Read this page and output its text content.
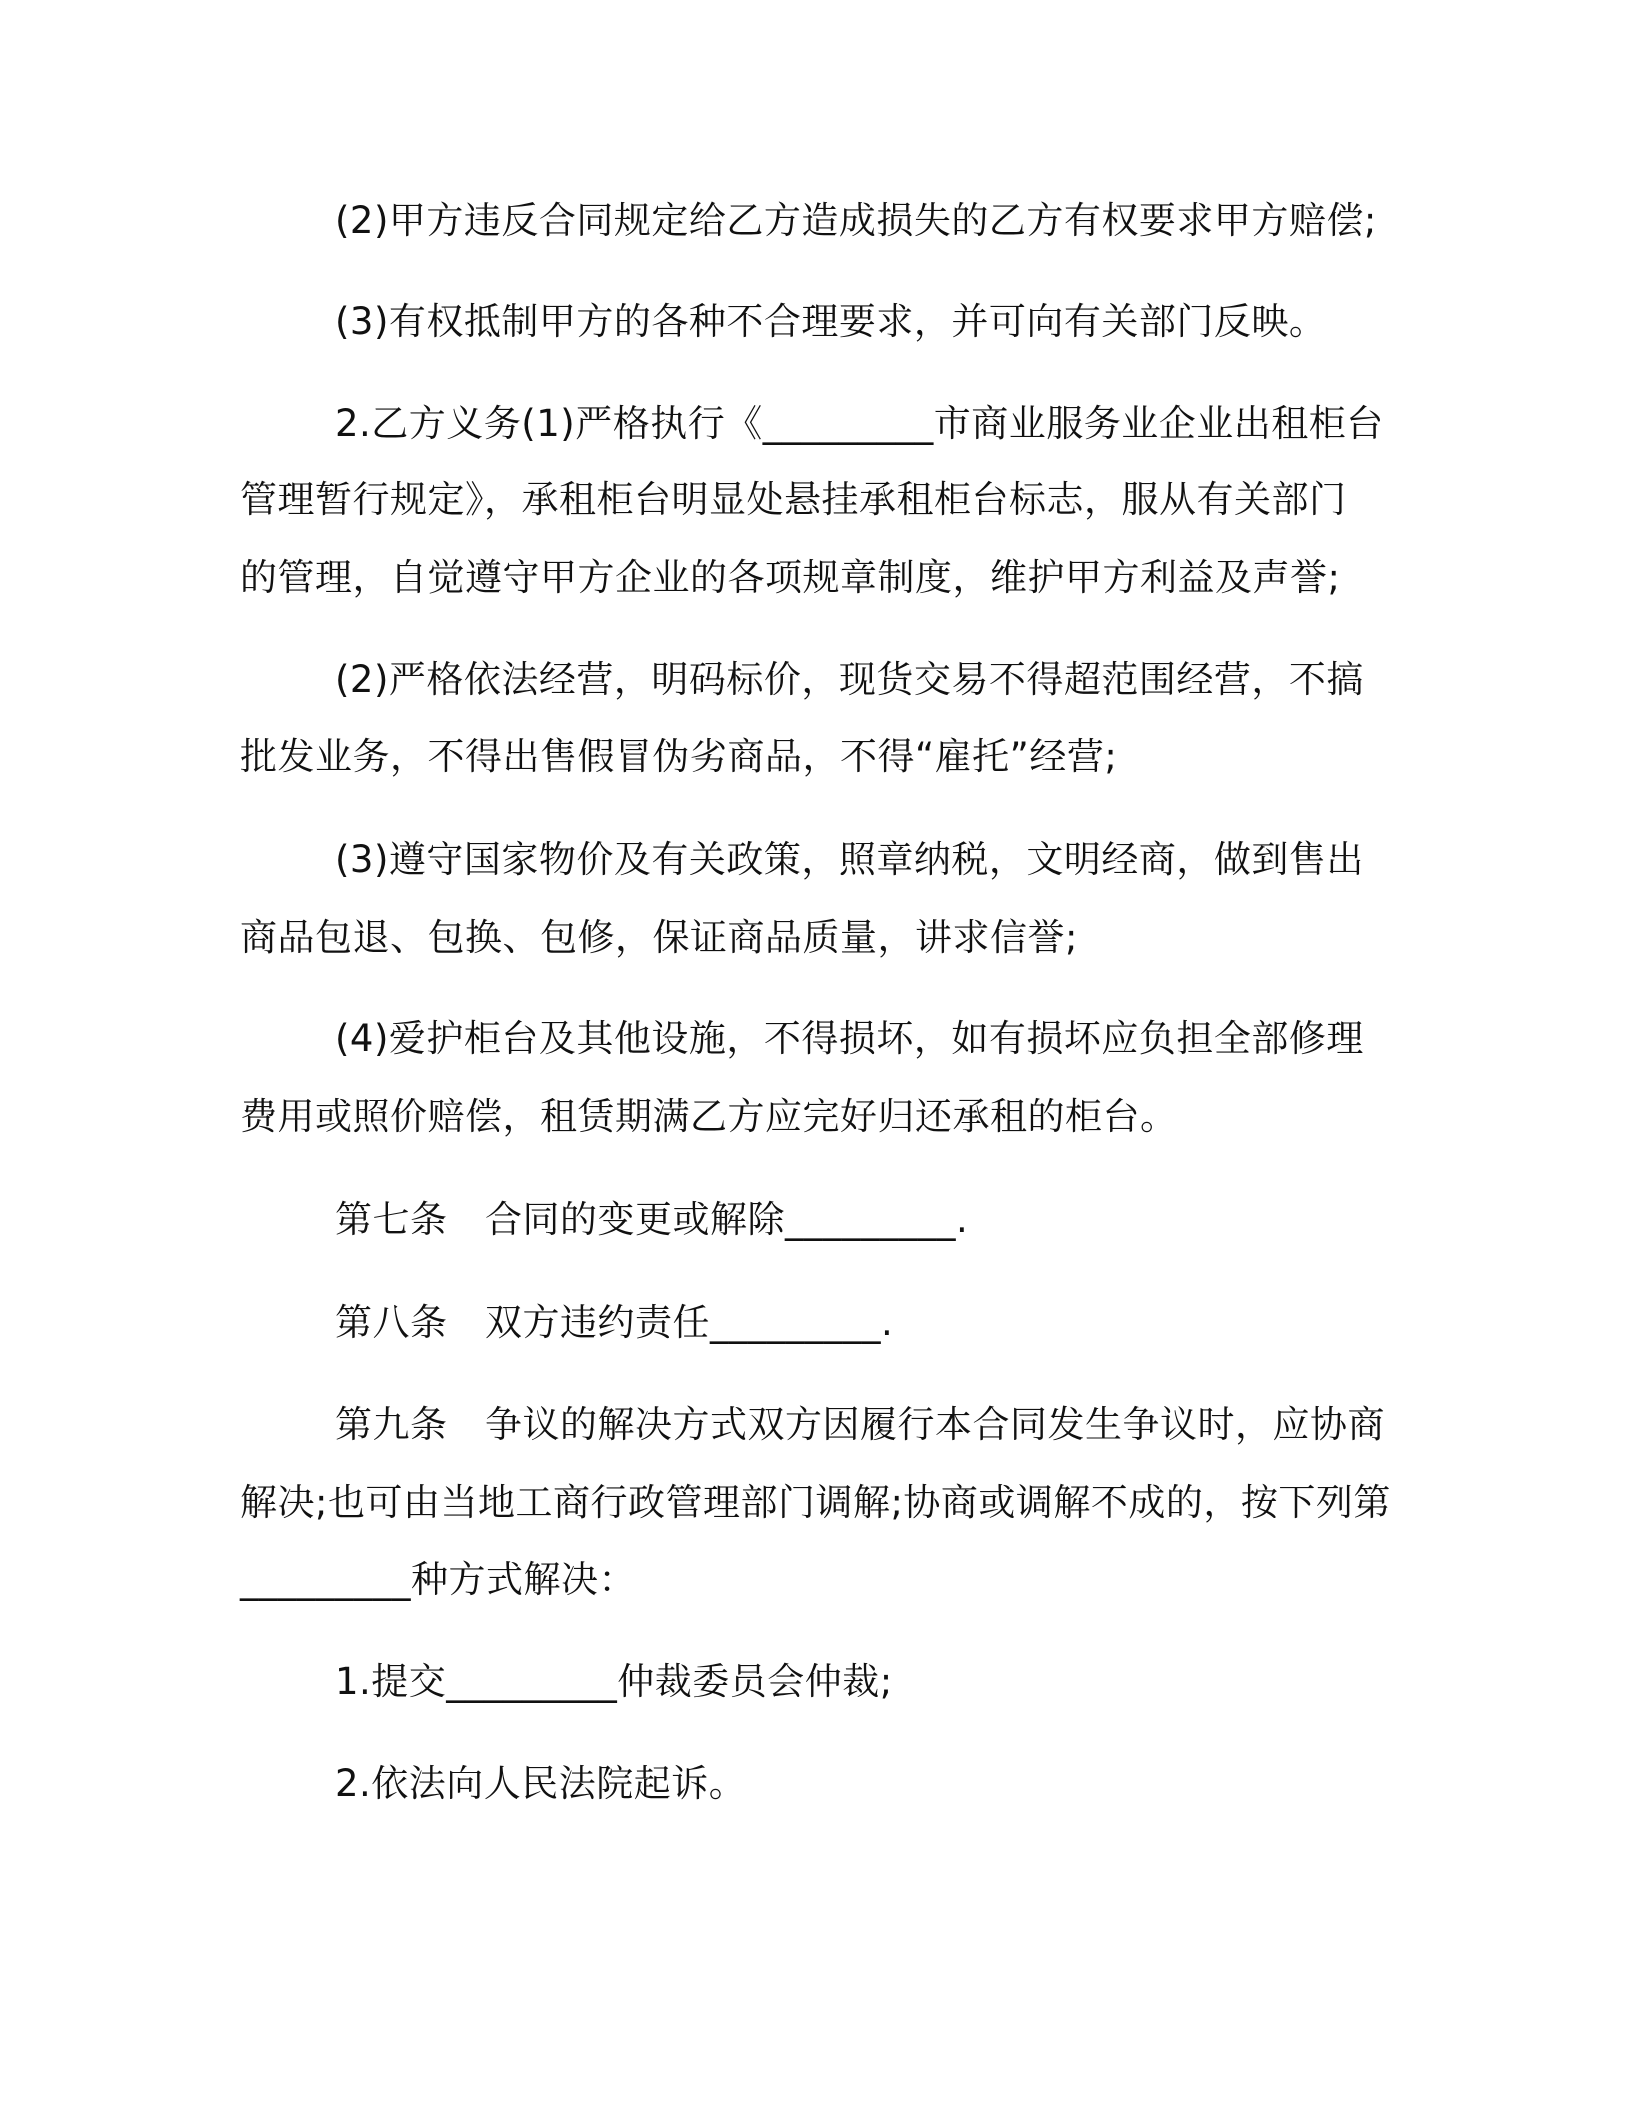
(2)甲方违反合同规定给乙方造成损失的乙方有权要求甲方赔偿;
(3)有权抵制甲方的各种不合理要求，并可向有关部门反映。
2.乙方义务(1)严格执行《_________市商业服务业企业出租柜台
管理暂行规定》，承租柜台明显处悬挂承租柜台标志，服从有关部门
的管理，自觉遵守甲方企业的各项规章制度，维护甲方利益及声誉;
(2)严格依法经营，明码标价，现货交易不得超范围经营，不搞
批发业务，不得出售假冒伪劣商品，不得“雇托”经营;
(3)遵守国家物价及有关政策，照章纳税，文明经商，做到售出
商品包退、包换、包修，保证商品质量，讲求信誉;
(4)爱护柜台及其他设施，不得损坏，如有损坏应负担全部修理
费用或照价赔偿，租赁期满乙方应完好归还承租的柜台。
第七条　合同的变更或解除_________.
第八条　双方违约责任_________.
第九条　争议的解决方式双方因履行本合同发生争议时，应协商
解决;也可由当地工商行政管理部门调解;协商或调解不成的，按下列第
_________种方式解决：
1.提交_________仲裁委员会仲裁;
2.依法向人民法院起诉。
